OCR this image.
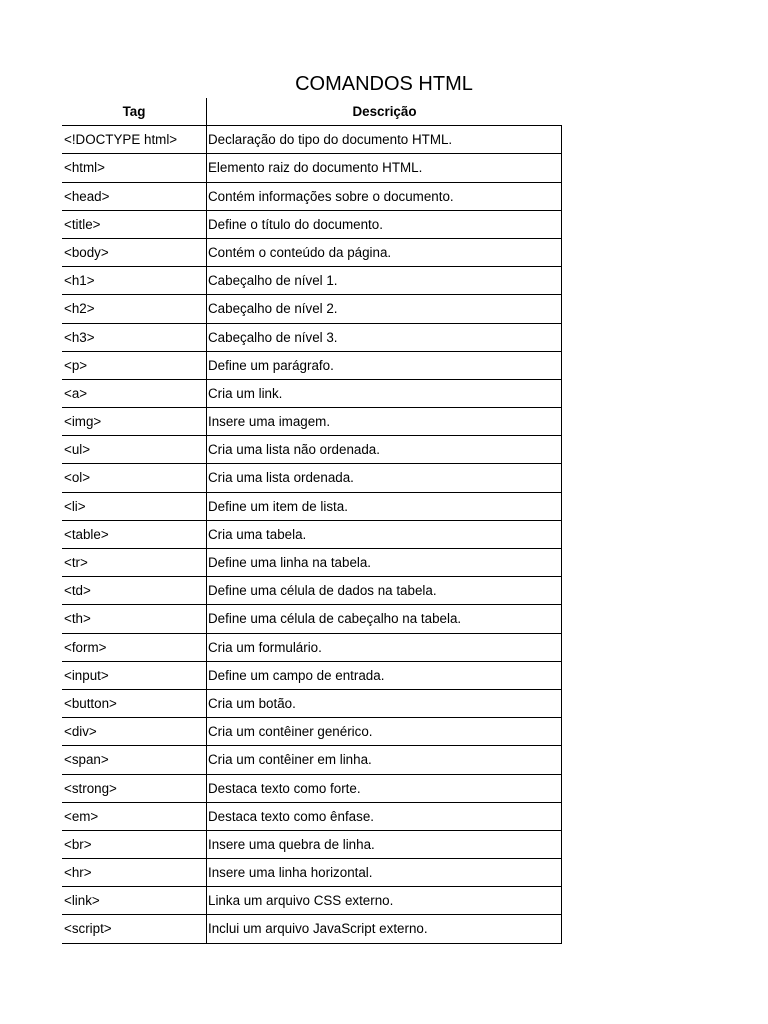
COMANDOS HTML
Tag	Descrição
<!DOCTYPE html>	Declaração do tipo do documento HTML.
<html>	Elemento raiz do documento HTML.
<head>	Contém informações sobre o documento.
<title>	Define o título do documento.
<body>	Contém o conteúdo da página.
<h1>	Cabeçalho de nível 1.
<h2>	Cabeçalho de nível 2.
<h3>	Cabeçalho de nível 3.
<p>	Define um parágrafo.
<a>	Cria um link.
<img>	Insere uma imagem.
<ul>	Cria uma lista não ordenada.
<ol>	Cria uma lista ordenada.
<li>	Define um item de lista.
<table>	Cria uma tabela.
<tr>	Define uma linha na tabela.
<td>	Define uma célula de dados na tabela.
<th>	Define uma célula de cabeçalho na tabela.
<form>	Cria um formulário.
<input>	Define um campo de entrada.
<button>	Cria um botão.
<div>	Cria um contêiner genérico.
<span>	Cria um contêiner em linha.
<strong>	Destaca texto como forte.
<em>	Destaca texto como ênfase.
<br>	Insere uma quebra de linha.
<hr>	Insere uma linha horizontal.
<link>	Linka um arquivo CSS externo.
<script>	Inclui um arquivo JavaScript externo.
